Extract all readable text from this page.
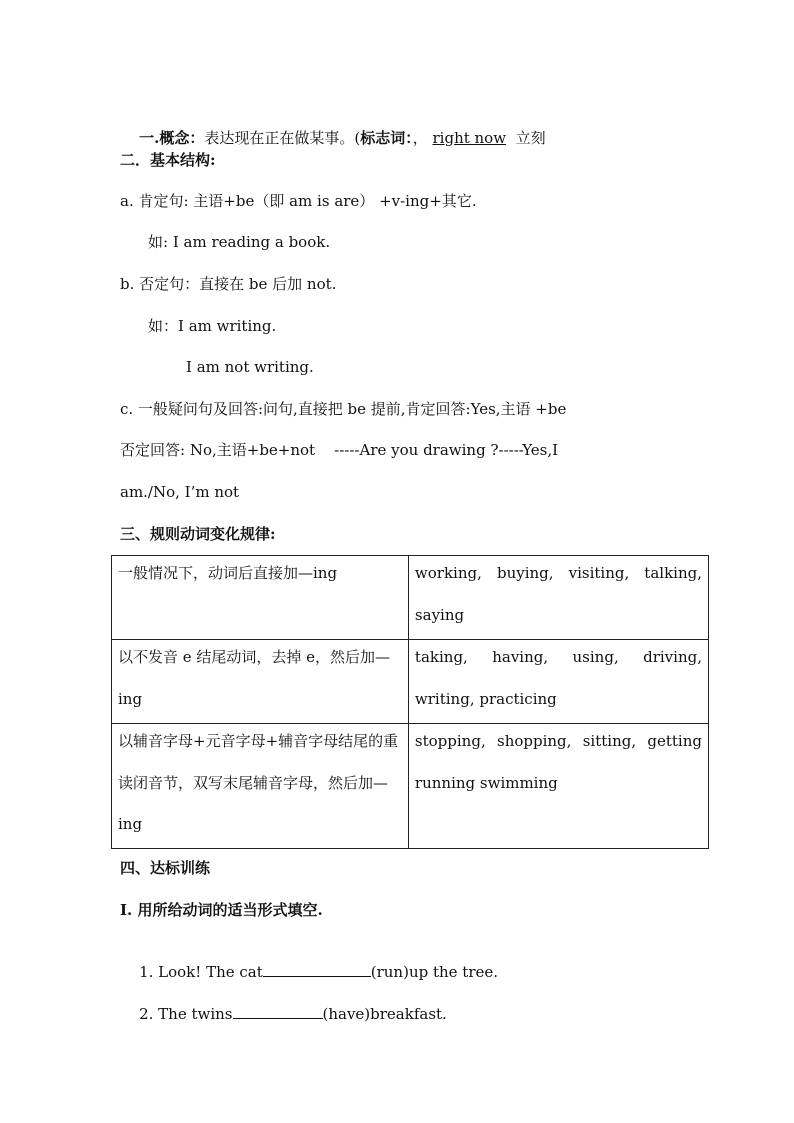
一.概念：表达现在正在做某事。(标志词：， right now 立刻

二．基本结构:
a. 肯定句: 主语+be（即 am is are） +v-ing+其它.
如: I am reading a book.
b. 否定句：直接在 be 后加 not.
如：I am writing.
I am not writing.
c. 一般疑问句及回答:问句,直接把 be 提前,肯定回答:Yes,主语 +be
否定回答: No,主语+be+not    -----Are you drawing ?-----Yes,I
am./No, I’m not
三、规则动词变化规律:
一般情况下，动词后直接加—ing	working, buying, visiting, talking, saying

以不发音 e 结尾动词，去掉 e，然后加—ing	taking, having, using, driving, writing, practicing

以辅音字母+元音字母+辅音字母结尾的重读闭音节，双写末尾辅音字母，然后加—ing	stopping, shopping, sitting, getting running swimming
四、达标训练
I. 用所给动词的适当形式填空.

1. Look! The cat	(run)up the tree.

2. The twins	(have)breakfast.
